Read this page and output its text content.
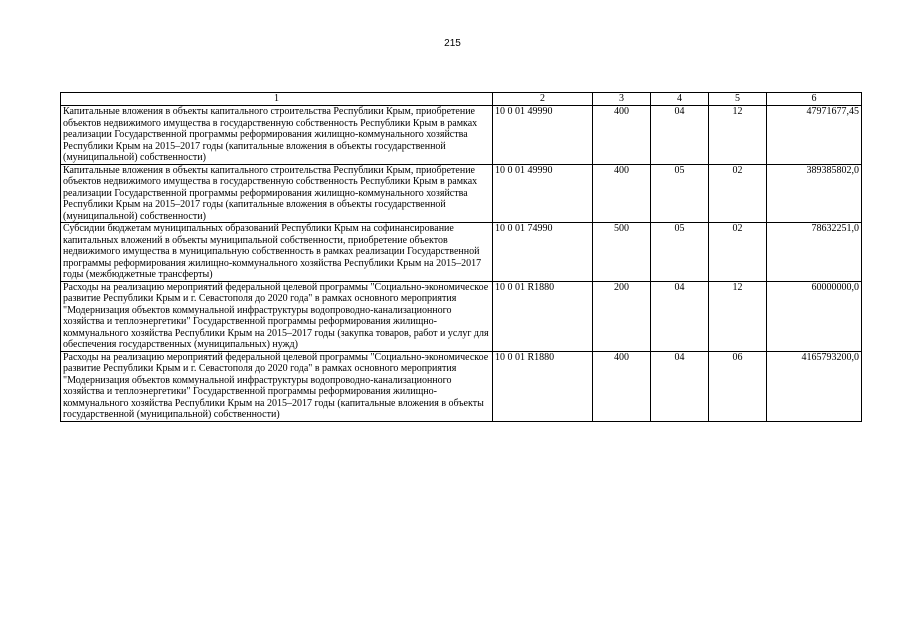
215
1	2	3	4	5	6
Капитальные вложения в объекты капитального строительства Республики Крым, приобретение объектов недвижимого имущества в государственную собственность Республики Крым в рамках реализации Государственной программы реформирования жилищно-коммунального хозяйства Республики Крым на 2015–2017 годы (капитальные вложения в объекты государственной (муниципальной) собственности)	10 0 01 49990	400	04	12	47971677,45
Капитальные вложения в объекты капитального строительства Республики Крым, приобретение объектов недвижимого имущества в государственную собственность Республики Крым в рамках реализации Государственной программы реформирования жилищно-коммунального хозяйства Республики Крым на 2015–2017 годы (капитальные вложения в объекты государственной (муниципальной) собственности)	10 0 01 49990	400	05	02	389385802,0
Субсидии бюджетам муниципальных образований Республики Крым на софинансирование капитальных вложений в объекты муниципальной собственности, приобретение объектов недвижимого имущества в муниципальную собственность в рамках реализации Государственной программы реформирования жилищно-коммунального хозяйства Республики Крым на 2015–2017 годы (межбюджетные трансферты)	10 0 01 74990	500	05	02	78632251,0
Расходы на реализацию мероприятий федеральной целевой программы "Социально-экономическое развитие Республики Крым и г. Севастополя до 2020 года" в рамках основного мероприятия "Модернизация объектов коммунальной инфраструктуры водопроводно-канализационного хозяйства и теплоэнергетики" Государственной программы реформирования жилищно-коммунального хозяйства Республики Крым на 2015–2017 годы (закупка товаров, работ и услуг для обеспечения государственных (муниципальных) нужд)	10 0 01 R1880	200	04	12	60000000,0
Расходы на реализацию мероприятий федеральной целевой программы "Социально-экономическое развитие Республики Крым и г. Севастополя до 2020 года" в рамках основного мероприятия "Модернизация объектов коммунальной инфраструктуры водопроводно-канализационного хозяйства и теплоэнергетики" Государственной программы реформирования жилищно-коммунального хозяйства Республики Крым на 2015–2017 годы (капитальные вложения в объекты государственной (муниципальной) собственности)	10 0 01 R1880	400	04	06	4165793200,0
